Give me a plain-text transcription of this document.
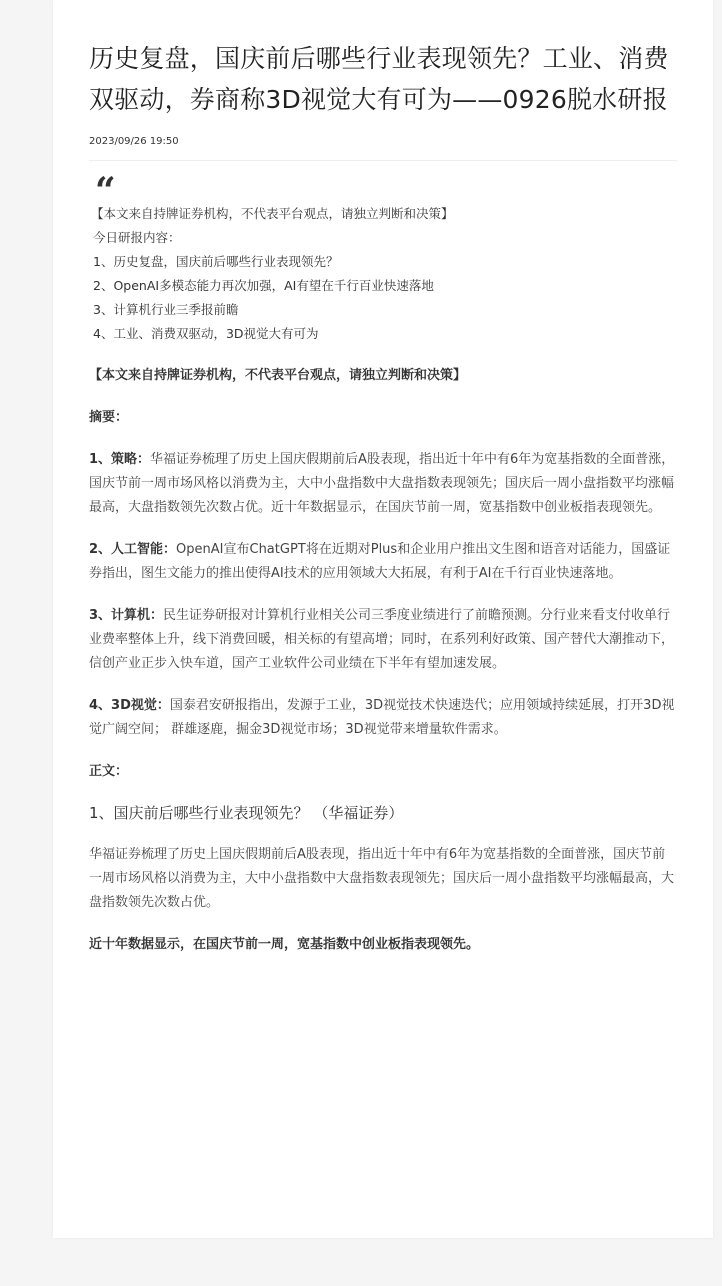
历史复盘，国庆前后哪些行业表现领先？工业、消费双驱动，券商称3D视觉大有可为——0926脱水研报
2023/09/26 19:50
“
【本文来自持牌证券机构，不代表平台观点，请独立判断和决策】
今日研报内容：
1、历史复盘，国庆前后哪些行业表现领先？
2、OpenAI多模态能力再次加强，AI有望在千行百业快速落地
3、计算机行业三季报前瞻
4、工业、消费双驱动，3D视觉大有可为

【本文来自持牌证券机构，不代表平台观点，请独立判断和决策】

摘要：

1、策略：华福证券梳理了历史上国庆假期前后A股表现，指出近十年中有6年为宽基指数的全面普涨，国庆节前一周市场风格以消费为主，大中小盘指数中大盘指数表现领先；国庆后一周小盘指数平均涨幅最高，大盘指数领先次数占优。近十年数据显示，在国庆节前一周，宽基指数中创业板指表现领先。

2、人工智能：OpenAI宣布ChatGPT将在近期对Plus和企业用户推出文生图和语音对话能力，国盛证券指出，图生文能力的推出使得AI技术的应用领域大大拓展，有利于AI在千行百业快速落地。

3、计算机：民生证券研报对计算机行业相关公司三季度业绩进行了前瞻预测。分行业来看支付收单行业费率整体上升，线下消费回暖，相关标的有望高增；同时，在系列利好政策、国产替代大潮推动下，信创产业正步入快车道，国产工业软件公司业绩在下半年有望加速发展。

4、3D视觉：国泰君安研报指出，发源于工业，3D视觉技术快速迭代；应用领域持续延展，打开3D视觉广阔空间； 群雄逐鹿，掘金3D视觉市场；3D视觉带来增量软件需求。

正文：

1、国庆前后哪些行业表现领先？ （华福证券）

华福证券梳理了历史上国庆假期前后A股表现，指出近十年中有6年为宽基指数的全面普涨，国庆节前一周市场风格以消费为主，大中小盘指数中大盘指数表现领先；国庆后一周小盘指数平均涨幅最高，大盘指数领先次数占优。

近十年数据显示，在国庆节前一周，宽基指数中创业板指表现领先。
